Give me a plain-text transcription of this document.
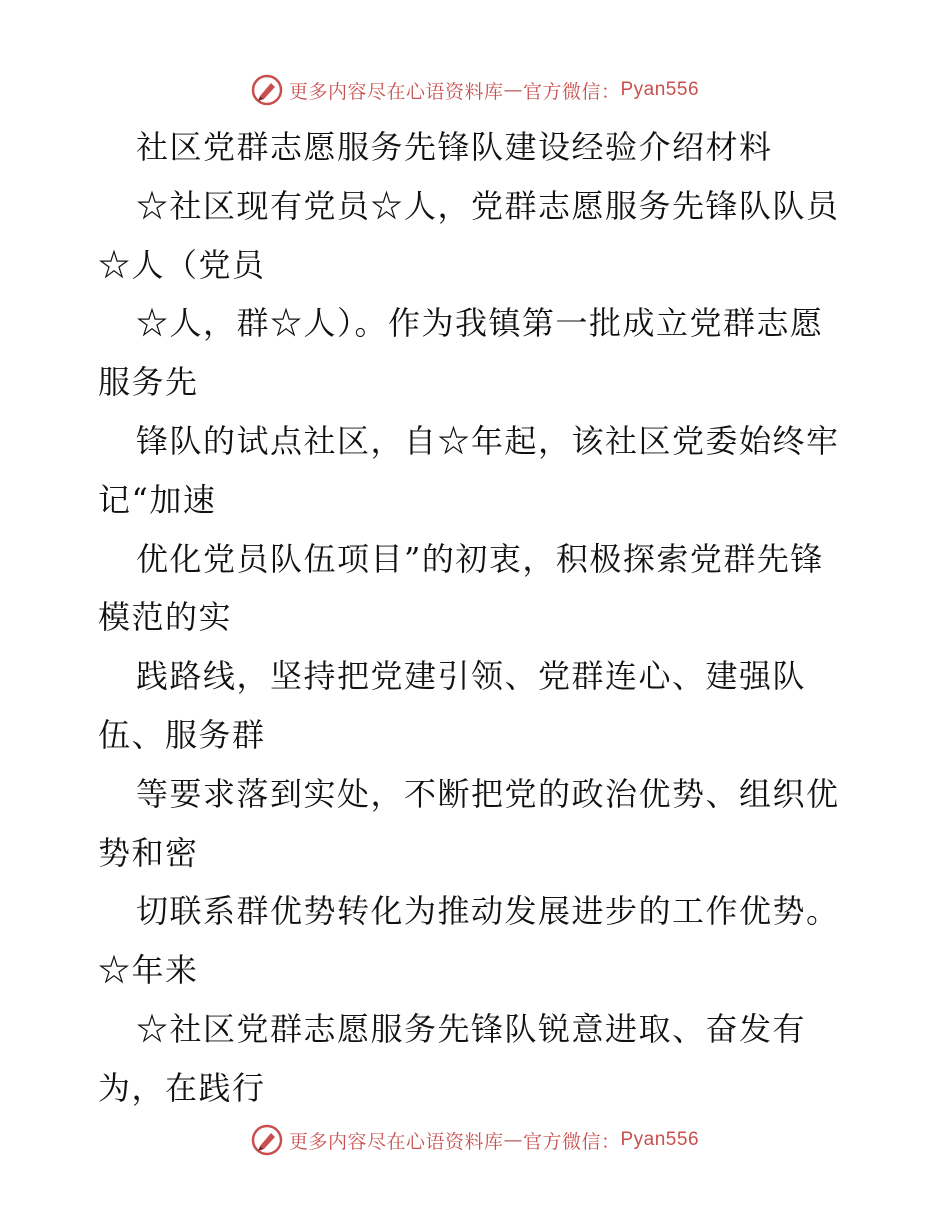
更多内容尽在心语资料库 — 官方微信： Pyan556
社区党群志愿服务先锋队建设经验介绍材料
☆社区现有党员☆人，党群志愿服务先锋队队员
☆人（党员
☆人，群☆人）。作为我镇第一批成立党群志愿
服务先
锋队的试点社区，自☆年起，该社区党委始终牢
记“加速
优化党员队伍项目”的初衷，积极探索党群先锋
模范的实
践路线，坚持把党建引领、党群连心、建强队
伍、服务群
等要求落到实处，不断把党的政治优势、组织优
势和密
切联系群优势转化为推动发展进步的工作优势。
☆年来
☆社区党群志愿服务先锋队锐意进取、奋发有
为，在践行
更多内容尽在心语资料库 — 官方微信： Pyan556
